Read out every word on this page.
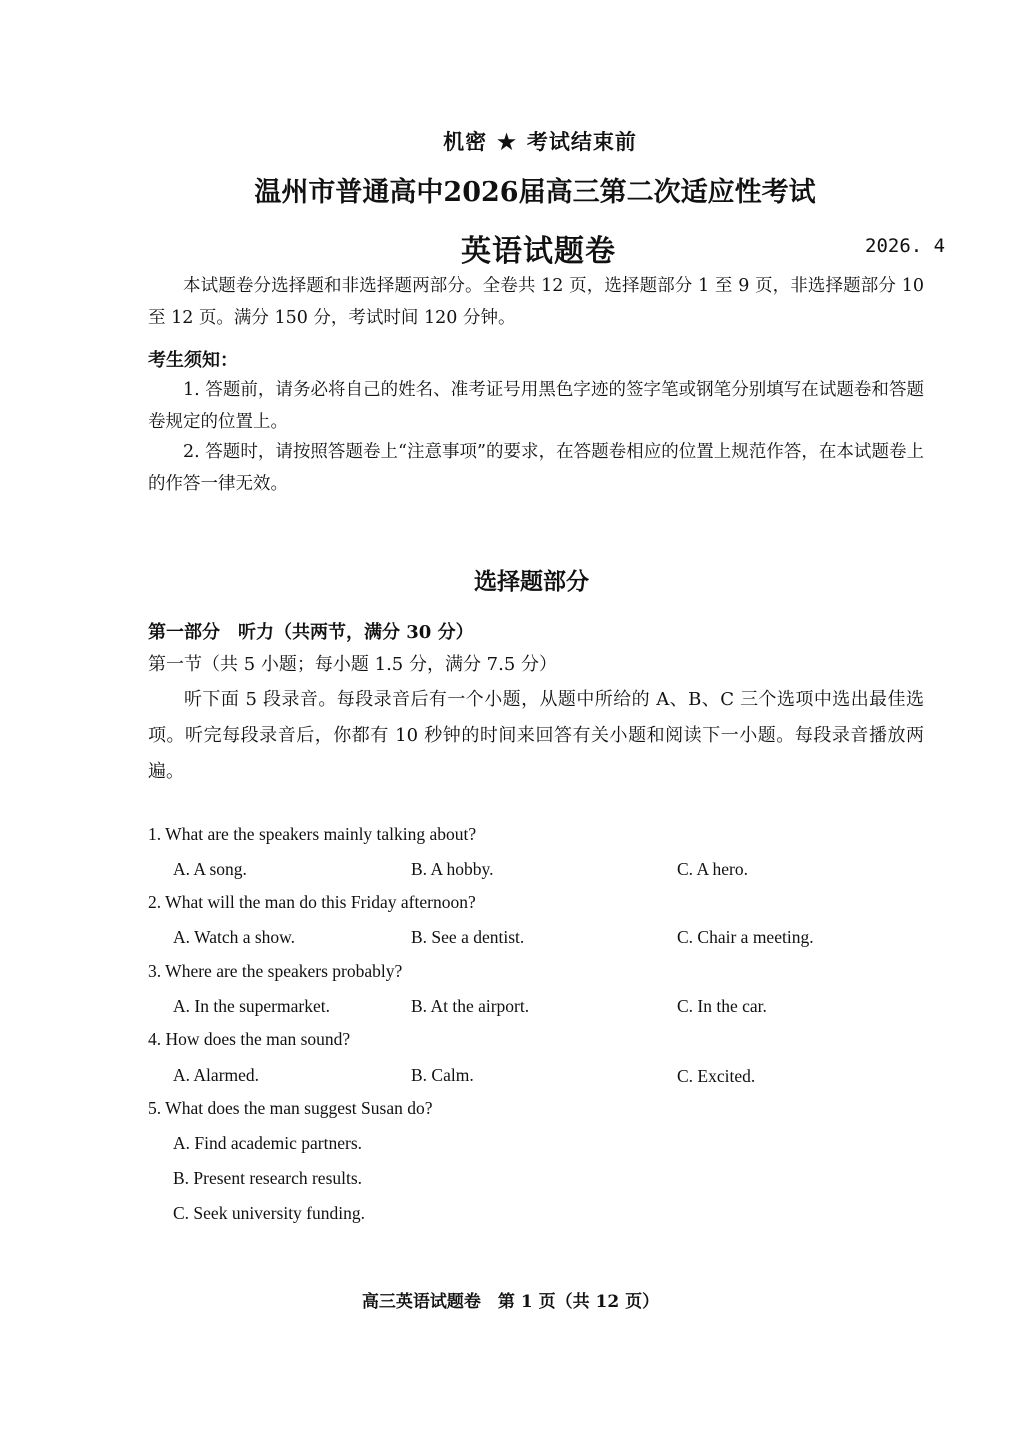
机密 ★ 考试结束前
温州市普通高中2026届高三第二次适应性考试
英语试题卷	2026. 4
本试题卷分选择题和非选择题两部分。全卷共 12 页，选择题部分 1 至 9 页，非选择题部分 10 至 12 页。满分 150 分，考试时间 120 分钟。
考生须知：
1. 答题前，请务必将自己的姓名、准考证号用黑色字迹的签字笔或钢笔分别填写在试题卷和答题卷规定的位置上。
2. 答题时，请按照答题卷上“注意事项”的要求，在答题卷相应的位置上规范作答，在本试题卷上的作答一律无效。
选择题部分
第一部分　听力（共两节，满分 30 分）
第一节（共 5 小题；每小题 1.5 分，满分 7.5 分）
听下面 5 段录音。每段录音后有一个小题，从题中所给的 A、B、C 三个选项中选出最佳选项。听完每段录音后，你都有 10 秒钟的时间来回答有关小题和阅读下一小题。每段录音播放两遍。
1. What are the speakers mainly talking about?
A. A song.	B. A hobby.	C. A hero.
2. What will the man do this Friday afternoon?
A. Watch a show.	B. See a dentist.	C. Chair a meeting.
3. Where are the speakers probably?
A. In the supermarket.	B. At the airport.	C. In the car.
4. How does the man sound?
A. Alarmed.	B. Calm.	C. Excited.
5. What does the man suggest Susan do?
A. Find academic partners.
B. Present research results.
C. Seek university funding.
高三英语试题卷　第 1 页（共 12 页）
